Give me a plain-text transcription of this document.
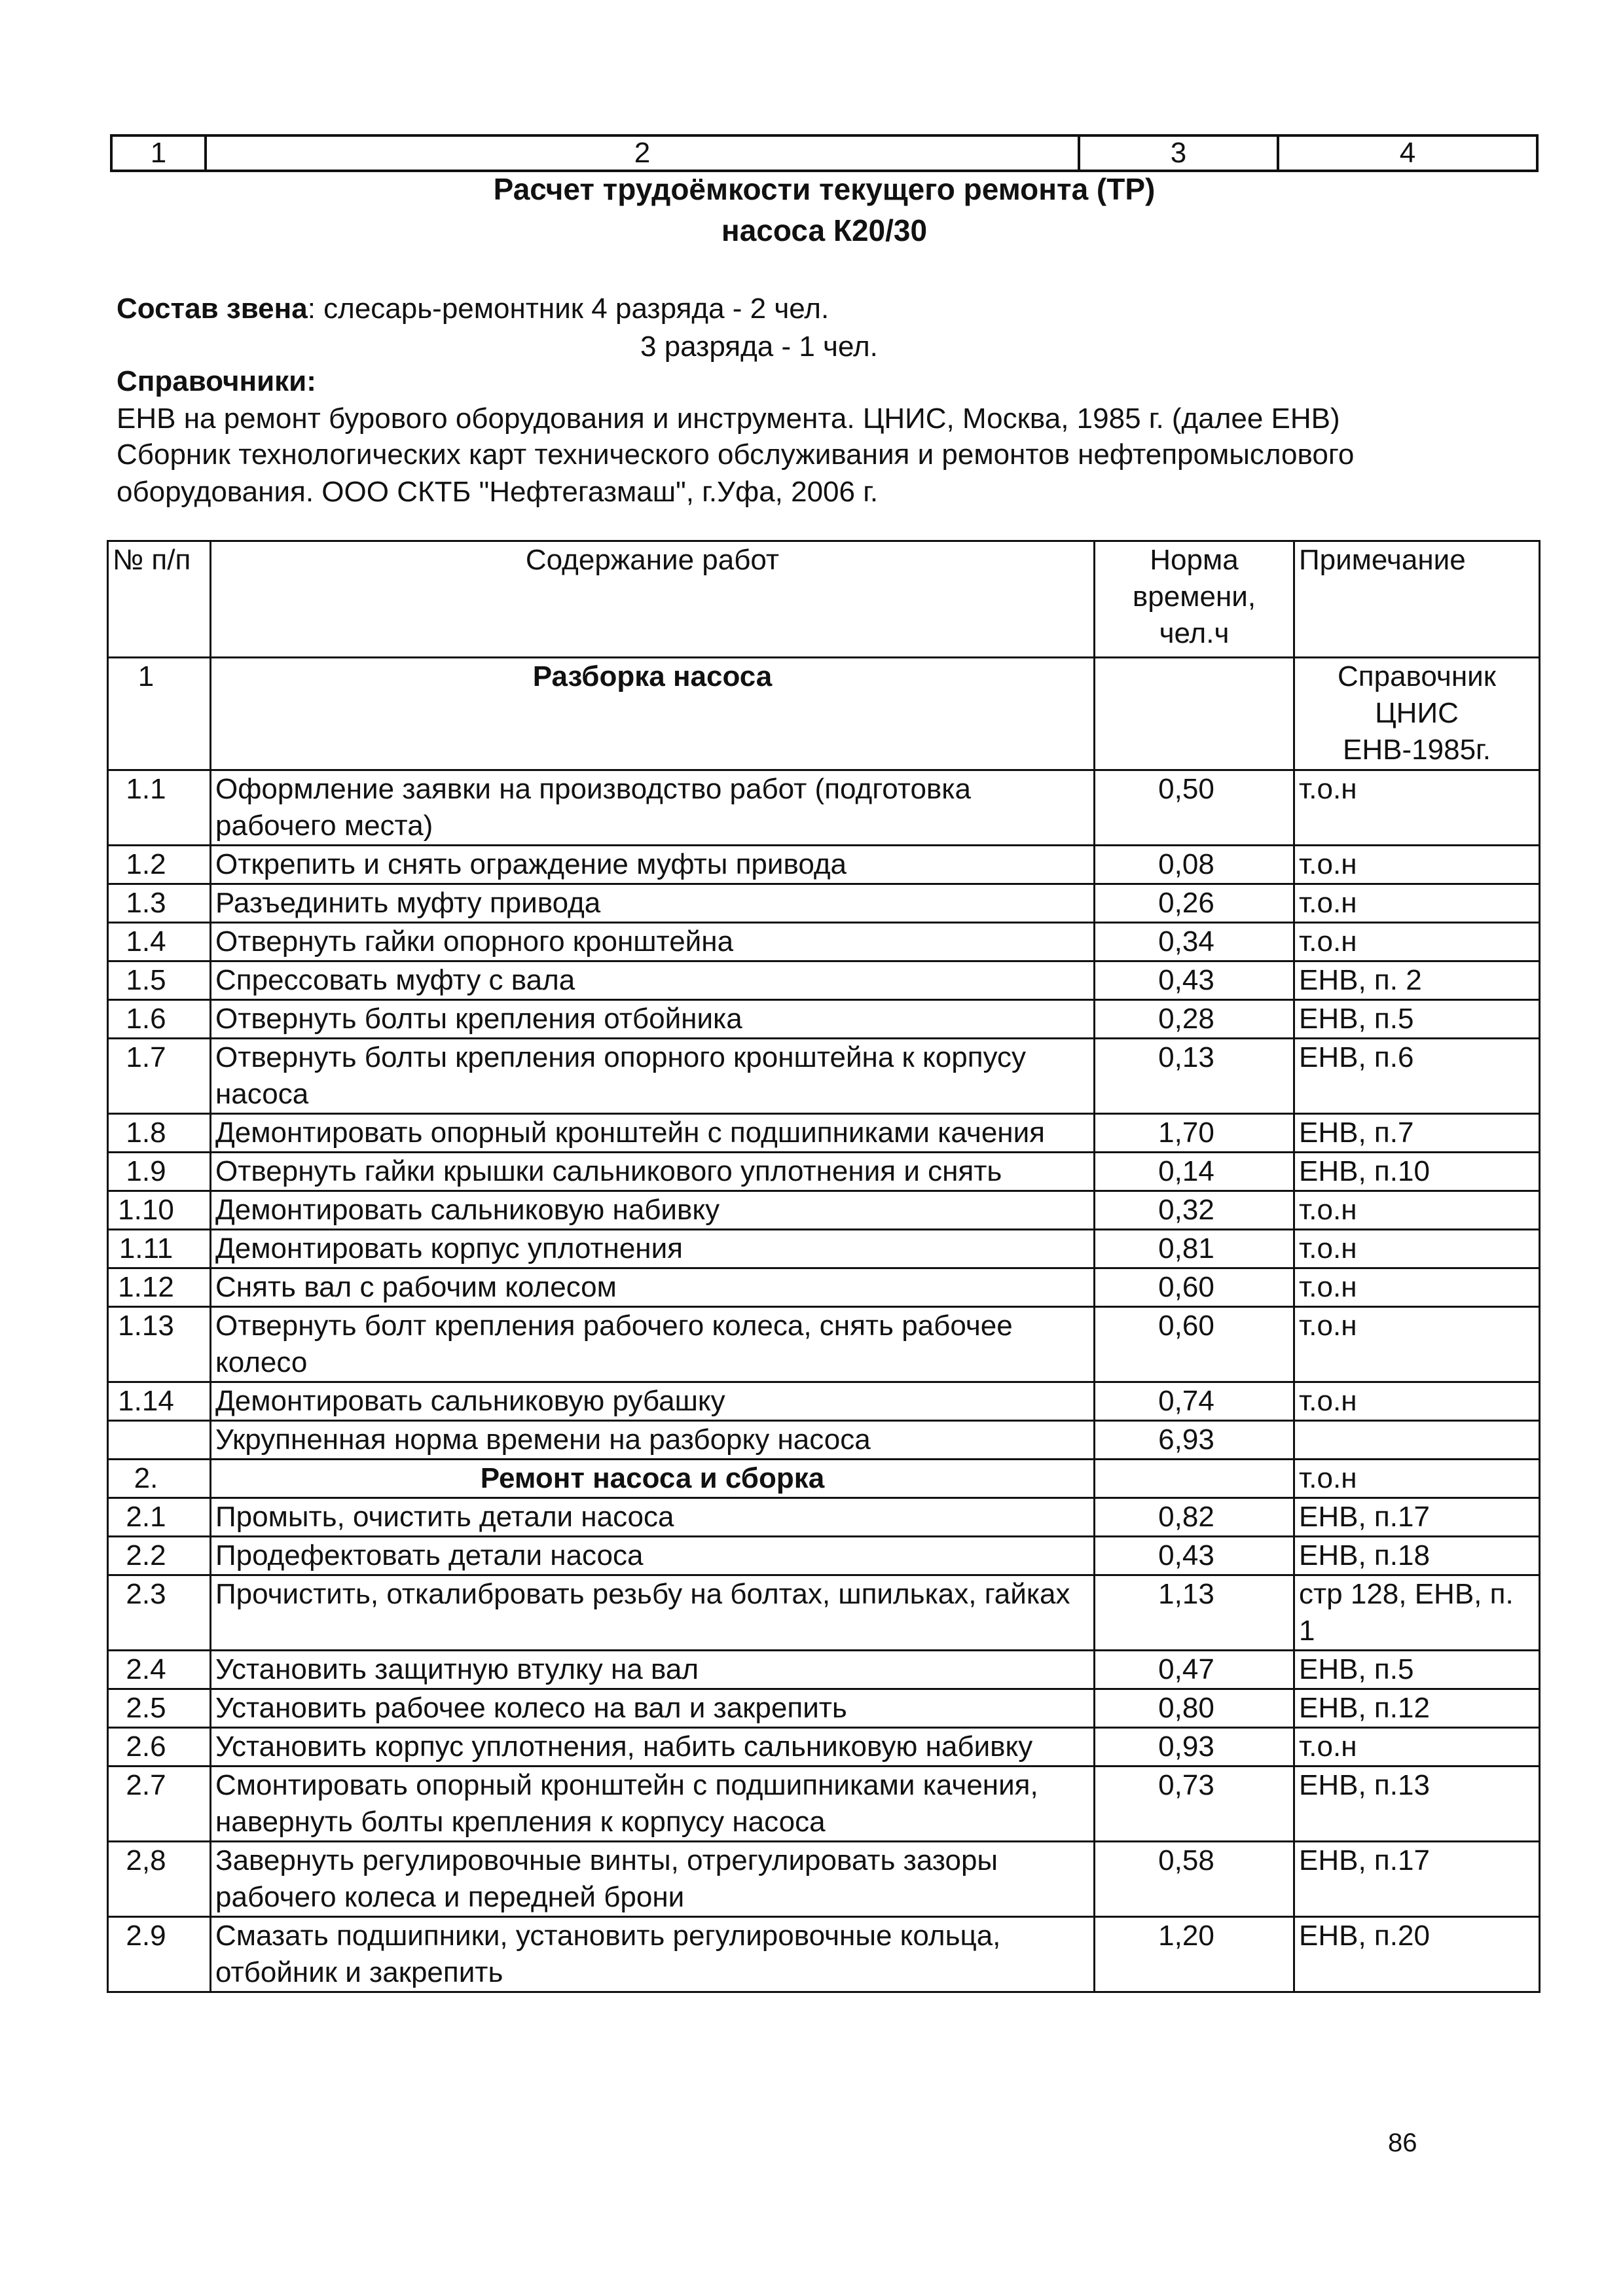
1	2	3	4
Расчет трудоёмкости текущего ремонта (ТР)
насоса К20/30
Состав звена: слесарь-ремонтник 4 разряда - 2 чел.
3 разряда - 1 чел.
Справочники:
ЕНВ на ремонт бурового оборудования и инструмента. ЦНИС, Москва, 1985 г. (далее ЕНВ)
Сборник технологических карт технического обслуживания и ремонтов нефтепромыслового
оборудования. ООО СКТБ "Нефтегазмаш", г.Уфа, 2006 г.
№ п/п	Содержание работ	Норма
времени,
чел.ч	Примечание
1	Разборка насоса		Справочник
ЦНИС
ЕНВ-1985г.

1.1	Оформление заявки на производство работ (подготовка рабочего места)	0,50	т.о.н
1.2	Открепить и снять ограждение муфты привода	0,08	т.о.н
1.3	Разъединить муфту привода	0,26	т.о.н
1.4	Отвернуть гайки опорного кронштейна	0,34	т.о.н
1.5	Спрессовать муфту с вала	0,43	ЕНВ, п. 2
1.6	Отвернуть болты крепления отбойника	0,28	ЕНВ, п.5
1.7	Отвернуть болты крепления опорного кронштейна к корпусу насоса	0,13	ЕНВ, п.6
1.8	Демонтировать опорный кронштейн с подшипниками качения	1,70	ЕНВ, п.7
1.9	Отвернуть гайки крышки сальникового уплотнения и снять	0,14	ЕНВ, п.10
1.10	Демонтировать сальниковую набивку	0,32	т.о.н
1.11	Демонтировать корпус уплотнения	0,81	т.о.н
1.12	Снять вал с рабочим колесом	0,60	т.о.н
1.13	Отвернуть болт крепления рабочего колеса, снять рабочее колесо	0,60	т.о.н
1.14	Демонтировать сальниковую рубашку	0,74	т.о.н
	Укрупненная норма времени на разборку насоса	6,93	
2.	Ремонт насоса и сборка		т.о.н
2.1	Промыть, очистить детали насоса	0,82	ЕНВ, п.17
2.2	Продефектовать детали насоса	0,43	ЕНВ, п.18
2.3	Прочистить, откалибровать резьбу на болтах, шпильках, гайках	1,13	стр 128, ЕНВ, п. 1
2.4	Установить защитную втулку на вал	0,47	ЕНВ, п.5
2.5	Установить рабочее колесо на вал и закрепить	0,80	ЕНВ, п.12
2.6	Установить корпус уплотнения, набить сальниковую набивку	0,93	т.о.н
2.7	Смонтировать опорный кронштейн с подшипниками качения, навернуть болты крепления к корпусу насоса	0,73	ЕНВ, п.13
2,8	Завернуть регулировочные винты, отрегулировать зазоры рабочего колеса и передней брони	0,58	ЕНВ, п.17
2.9	Смазать подшипники, установить регулировочные кольца, отбойник и закрепить	1,20	ЕНВ, п.20
86
